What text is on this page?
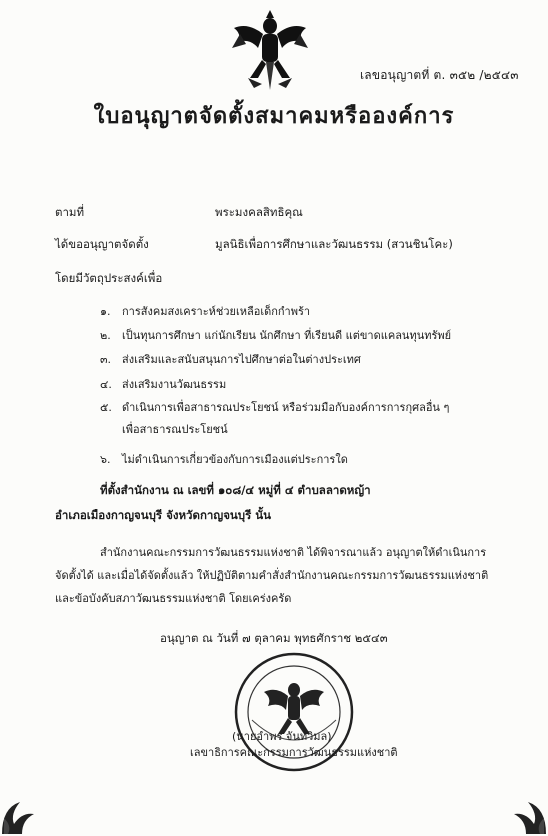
เลขอนุญาตที่ ต. ๓๕๒ /๒๕๔๓
ใบอนุญาตจัดตั้งสมาคมหรือองค์การ
ตามที่	พระมงคลสิทธิคุณ
ได้ขออนุญาตจัดตั้ง	มูลนิธิเพื่อการศึกษาและวัฒนธรรม (สวนชินโคะ)
โดยมีวัตถุประสงค์เพื่อ
๑. การสังคมสงเคราะห์ช่วยเหลือเด็กกำพร้า
๒. เป็นทุนการศึกษา แก่นักเรียน นักศึกษา ที่เรียนดี แต่ขาดแคลนทุนทรัพย์
๓. ส่งเสริมและสนับสนุนการไปศึกษาต่อในต่างประเทศ
๔. ส่งเสริมงานวัฒนธรรม
๕. ดำเนินการเพื่อสาธารณประโยชน์ หรือร่วมมือกับองค์การการกุศลอื่น ๆ
เพื่อสาธารณประโยชน์
๖. ไม่ดำเนินการเกี่ยวข้องกับการเมืองแต่ประการใด
ที่ตั้งสำนักงาน ณ เลขที่ ๑๐๘/๔ หมู่ที่ ๔ ตำบลลาดหญ้า
อำเภอเมืองกาญจนบุรี จังหวัดกาญจนบุรี นั้น
สำนักงานคณะกรรมการวัฒนธรรมแห่งชาติ ได้พิจารณาแล้ว อนุญาตให้ดำเนินการ
จัดตั้งได้ และเมื่อได้จัดตั้งแล้ว ให้ปฏิบัติตามคำสั่งสำนักงานคณะกรรมการวัฒนธรรมแห่งชาติ
และข้อบังคับสภาวัฒนธรรมแห่งชาติ โดยเคร่งครัด
อนุญาต ณ วันที่ ๗ ตุลาคม พุทธศักราช ๒๕๔๓
(นายอำพร จันทวิมล)
เลขาธิการคณะกรรมการวัฒนธรรมแห่งชาติ
